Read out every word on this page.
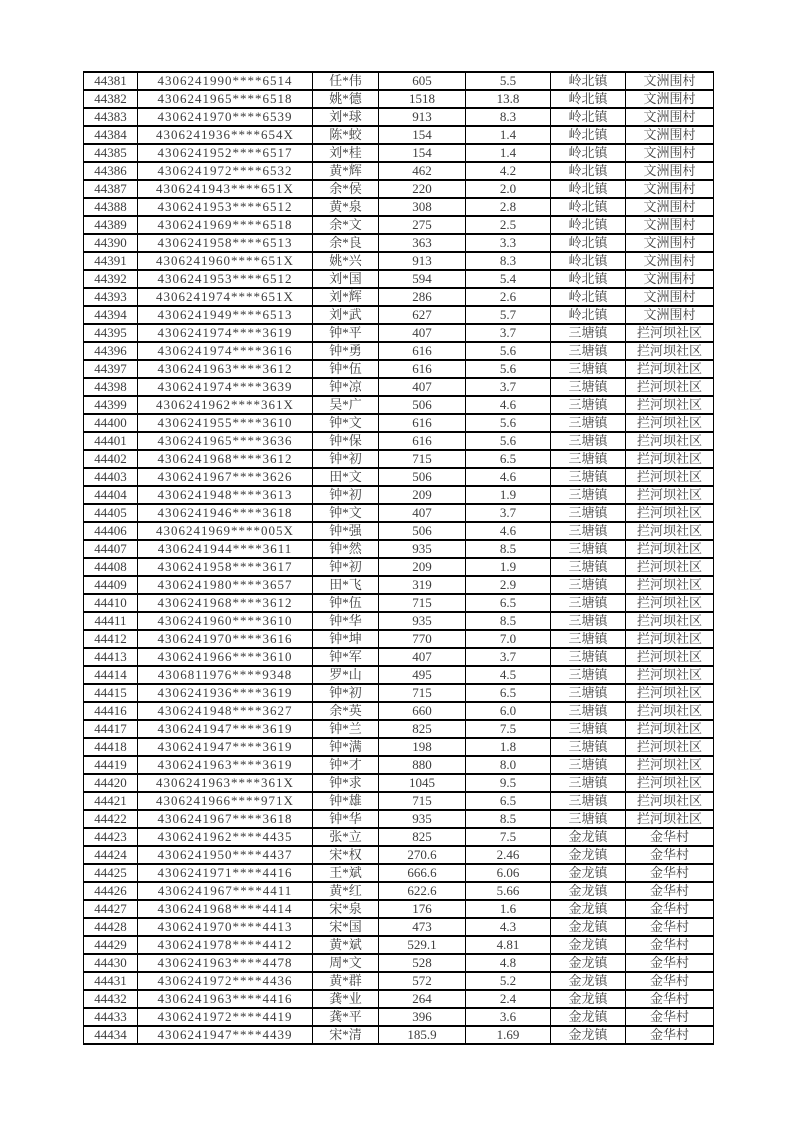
44381	4306241990****6514	任*伟	605	5.5	岭北镇	文洲围村
44382	4306241965****6518	姚*德	1518	13.8	岭北镇	文洲围村
44383	4306241970****6539	刘*球	913	8.3	岭北镇	文洲围村
44384	4306241936****654X	陈*蛟	154	1.4	岭北镇	文洲围村
44385	4306241952****6517	刘*桂	154	1.4	岭北镇	文洲围村
44386	4306241972****6532	黄*辉	462	4.2	岭北镇	文洲围村
44387	4306241943****651X	余*侯	220	2.0	岭北镇	文洲围村
44388	4306241953****6512	黄*泉	308	2.8	岭北镇	文洲围村
44389	4306241969****6518	余*文	275	2.5	岭北镇	文洲围村
44390	4306241958****6513	余*良	363	3.3	岭北镇	文洲围村
44391	4306241960****651X	姚*兴	913	8.3	岭北镇	文洲围村
44392	4306241953****6512	刘*国	594	5.4	岭北镇	文洲围村
44393	4306241974****651X	刘*辉	286	2.6	岭北镇	文洲围村
44394	4306241949****6513	刘*武	627	5.7	岭北镇	文洲围村
44395	4306241974****3619	钟*平	407	3.7	三塘镇	拦河坝社区
44396	4306241974****3616	钟*勇	616	5.6	三塘镇	拦河坝社区
44397	4306241963****3612	钟*伍	616	5.6	三塘镇	拦河坝社区
44398	4306241974****3639	钟*凉	407	3.7	三塘镇	拦河坝社区
44399	4306241962****361X	吴*广	506	4.6	三塘镇	拦河坝社区
44400	4306241955****3610	钟*文	616	5.6	三塘镇	拦河坝社区
44401	4306241965****3636	钟*保	616	5.6	三塘镇	拦河坝社区
44402	4306241968****3612	钟*初	715	6.5	三塘镇	拦河坝社区
44403	4306241967****3626	田*文	506	4.6	三塘镇	拦河坝社区
44404	4306241948****3613	钟*初	209	1.9	三塘镇	拦河坝社区
44405	4306241946****3618	钟*文	407	3.7	三塘镇	拦河坝社区
44406	4306241969****005X	钟*强	506	4.6	三塘镇	拦河坝社区
44407	4306241944****3611	钟*然	935	8.5	三塘镇	拦河坝社区
44408	4306241958****3617	钟*初	209	1.9	三塘镇	拦河坝社区
44409	4306241980****3657	田*飞	319	2.9	三塘镇	拦河坝社区
44410	4306241968****3612	钟*伍	715	6.5	三塘镇	拦河坝社区
44411	4306241960****3610	钟*华	935	8.5	三塘镇	拦河坝社区
44412	4306241970****3616	钟*坤	770	7.0	三塘镇	拦河坝社区
44413	4306241966****3610	钟*军	407	3.7	三塘镇	拦河坝社区
44414	4306811976****9348	罗*山	495	4.5	三塘镇	拦河坝社区
44415	4306241936****3619	钟*初	715	6.5	三塘镇	拦河坝社区
44416	4306241948****3627	余*英	660	6.0	三塘镇	拦河坝社区
44417	4306241947****3619	钟*兰	825	7.5	三塘镇	拦河坝社区
44418	4306241947****3619	钟*满	198	1.8	三塘镇	拦河坝社区
44419	4306241963****3619	钟*才	880	8.0	三塘镇	拦河坝社区
44420	4306241963****361X	钟*求	1045	9.5	三塘镇	拦河坝社区
44421	4306241966****971X	钟*雄	715	6.5	三塘镇	拦河坝社区
44422	4306241967****3618	钟*华	935	8.5	三塘镇	拦河坝社区
44423	4306241962****4435	张*立	825	7.5	金龙镇	金华村
44424	4306241950****4437	宋*权	270.6	2.46	金龙镇	金华村
44425	4306241971****4416	王*斌	666.6	6.06	金龙镇	金华村
44426	4306241967****4411	黄*红	622.6	5.66	金龙镇	金华村
44427	4306241968****4414	宋*泉	176	1.6	金龙镇	金华村
44428	4306241970****4413	宋*国	473	4.3	金龙镇	金华村
44429	4306241978****4412	黄*斌	529.1	4.81	金龙镇	金华村
44430	4306241963****4478	周*文	528	4.8	金龙镇	金华村
44431	4306241972****4436	黄*群	572	5.2	金龙镇	金华村
44432	4306241963****4416	龚*业	264	2.4	金龙镇	金华村
44433	4306241972****4419	龚*平	396	3.6	金龙镇	金华村
44434	4306241947****4439	宋*清	185.9	1.69	金龙镇	金华村
